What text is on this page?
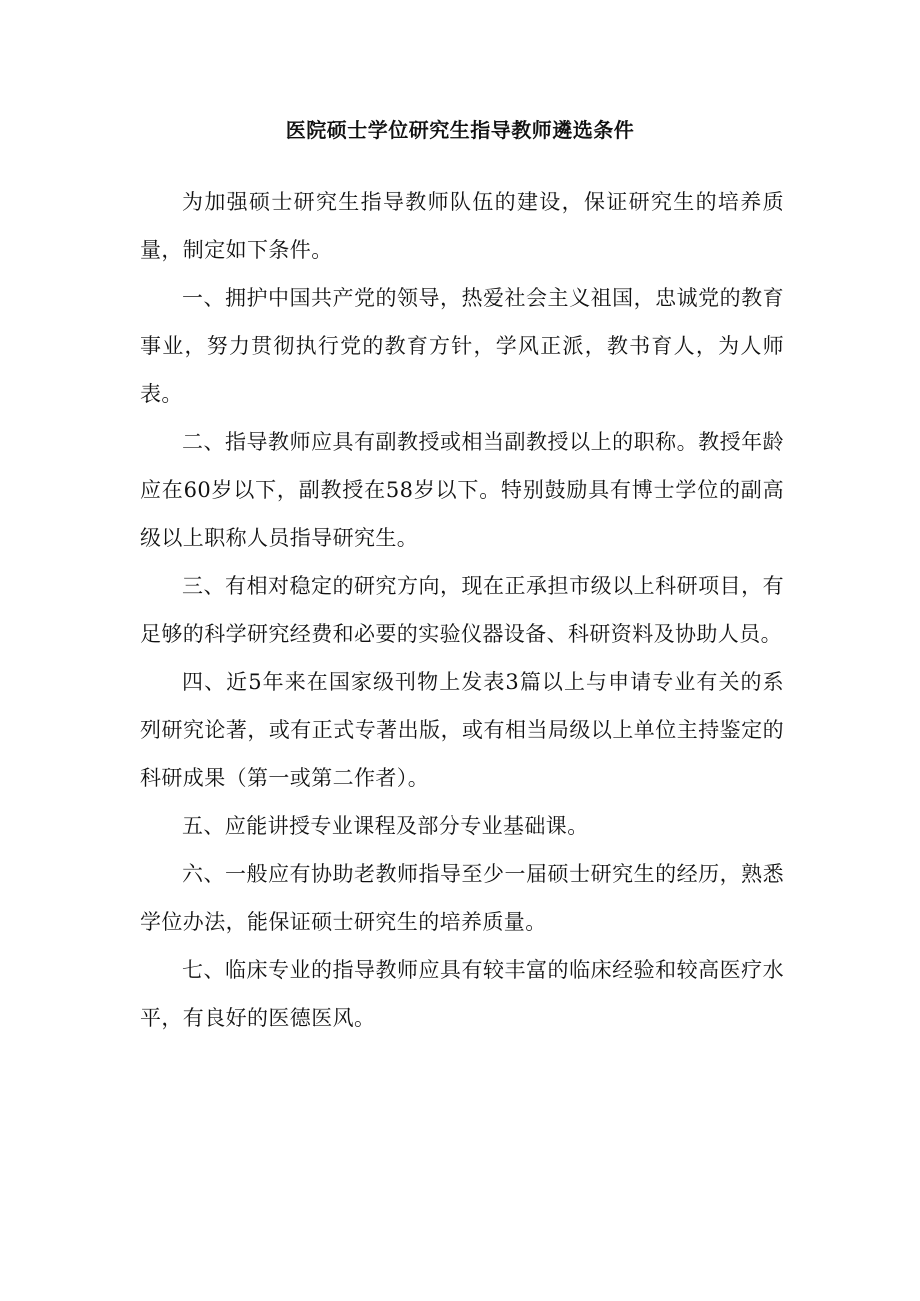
医院硕士学位研究生指导教师遴选条件

为加强硕士研究生指导教师队伍的建设，保证研究生的培养质量，制定如下条件。

一、拥护中国共产党的领导，热爱社会主义祖国，忠诚党的教育事业，努力贯彻执行党的教育方针，学风正派，教书育人，为人师表。

二、指导教师应具有副教授或相当副教授以上的职称。教授年龄应在60岁以下，副教授在58岁以下。特别鼓励具有博士学位的副高级以上职称人员指导研究生。

三、有相对稳定的研究方向，现在正承担市级以上科研项目，有足够的科学研究经费和必要的实验仪器设备、科研资料及协助人员。

四、近5年来在国家级刊物上发表3篇以上与申请专业有关的系列研究论著，或有正式专著出版，或有相当局级以上单位主持鉴定的科研成果（第一或第二作者）。

五、应能讲授专业课程及部分专业基础课。

六、一般应有协助老教师指导至少一届硕士研究生的经历，熟悉学位办法，能保证硕士研究生的培养质量。

七、临床专业的指导教师应具有较丰富的临床经验和较高医疗水平，有良好的医德医风。
